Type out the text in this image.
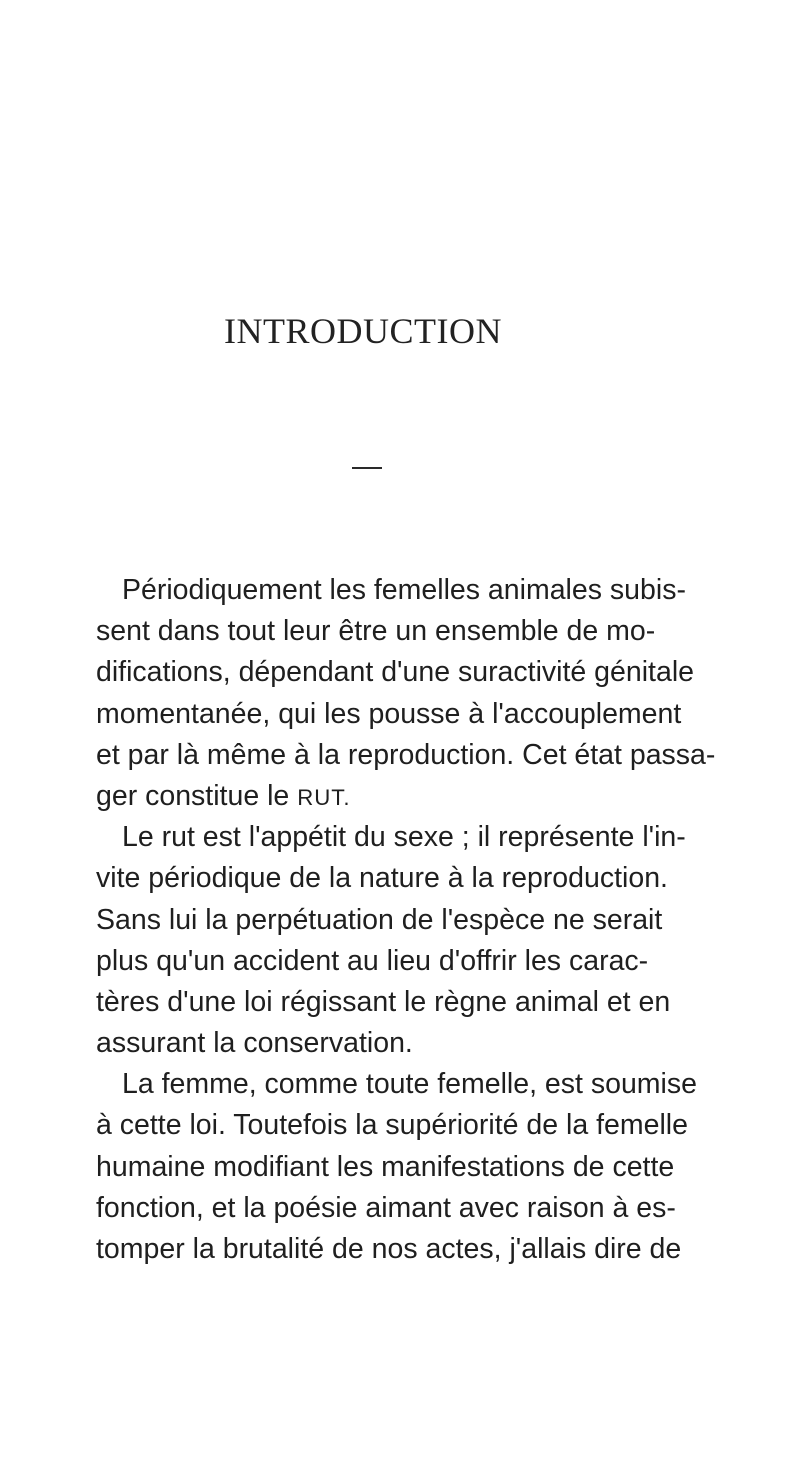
INTRODUCTION
Périodiquement les femelles animales subis-
sent dans tout leur être un ensemble de mo-
difications, dépendant d'une suractivité génitale
momentanée, qui les pousse à l'accouplement
et par là même à la reproduction. Cet état passa-
ger constitue le RUT.
Le rut est l'appétit du sexe ; il représente l'in-
vite périodique de la nature à la reproduction.
Sans lui la perpétuation de l'espèce ne serait
plus qu'un accident au lieu d'offrir les carac-
tères d'une loi régissant le règne animal et en
assurant la conservation.
La femme, comme toute femelle, est soumise
à cette loi. Toutefois la supériorité de la femelle
humaine modifiant les manifestations de cette
fonction, et la poésie aimant avec raison à es-
tomper la brutalité de nos actes, j'allais dire de
